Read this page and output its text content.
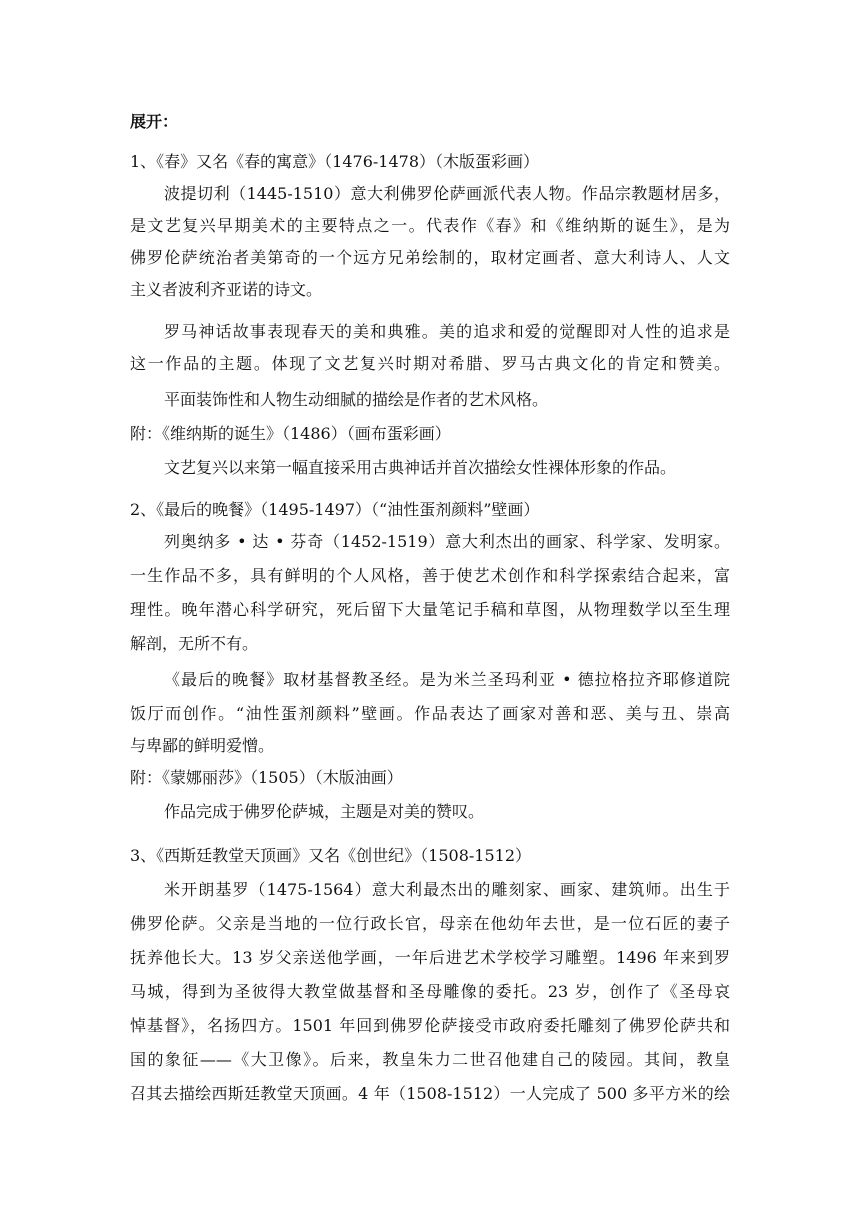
展开：
1、《春》又名《春的寓意》（1476-1478）（木版蛋彩画）
波提切利（1445-1510）意大利佛罗伦萨画派代表人物。作品宗教题材居多，
是文艺复兴早期美术的主要特点之一。代表作《春》和《维纳斯的诞生》，是为
佛罗伦萨统治者美第奇的一个远方兄弟绘制的，取材定画者、意大利诗人、人文
主义者波利齐亚诺的诗文。
罗马神话故事表现春天的美和典雅。美的追求和爱的觉醒即对人性的追求是
这一作品的主题。体现了文艺复兴时期对希腊、罗马古典文化的肯定和赞美。
平面装饰性和人物生动细腻的描绘是作者的艺术风格。
附：《维纳斯的诞生》（1486）（画布蛋彩画）
文艺复兴以来第一幅直接采用古典神话并首次描绘女性裸体形象的作品。
2、《最后的晚餐》（1495-1497）（“油性蛋剂颜料”壁画）
列奥纳多 • 达 • 芬奇（1452-1519）意大利杰出的画家、科学家、发明家。
一生作品不多，具有鲜明的个人风格，善于使艺术创作和科学探索结合起来，富
理性。晚年潜心科学研究，死后留下大量笔记手稿和草图，从物理数学以至生理
解剖，无所不有。
《最后的晚餐》取材基督教圣经。是为米兰圣玛利亚 • 德拉格拉齐耶修道院
饭厅而创作。“油性蛋剂颜料”壁画。作品表达了画家对善和恶、美与丑、崇高
与卑鄙的鲜明爱憎。
附：《蒙娜丽莎》（1505）（木版油画）
作品完成于佛罗伦萨城，主题是对美的赞叹。
3、《西斯廷教堂天顶画》又名《创世纪》（1508-1512）
米开朗基罗（1475-1564）意大利最杰出的雕刻家、画家、建筑师。出生于
佛罗伦萨。父亲是当地的一位行政长官，母亲在他幼年去世，是一位石匠的妻子
抚养他长大。13 岁父亲送他学画，一年后进艺术学校学习雕塑。1496 年来到罗
马城，得到为圣彼得大教堂做基督和圣母雕像的委托。23 岁，创作了《圣母哀
悼基督》，名扬四方。1501 年回到佛罗伦萨接受市政府委托雕刻了佛罗伦萨共和
国的象征——《大卫像》。后来，教皇朱力二世召他建自己的陵园。其间，教皇
召其去描绘西斯廷教堂天顶画。4 年（1508-1512）一人完成了 500 多平方米的绘
